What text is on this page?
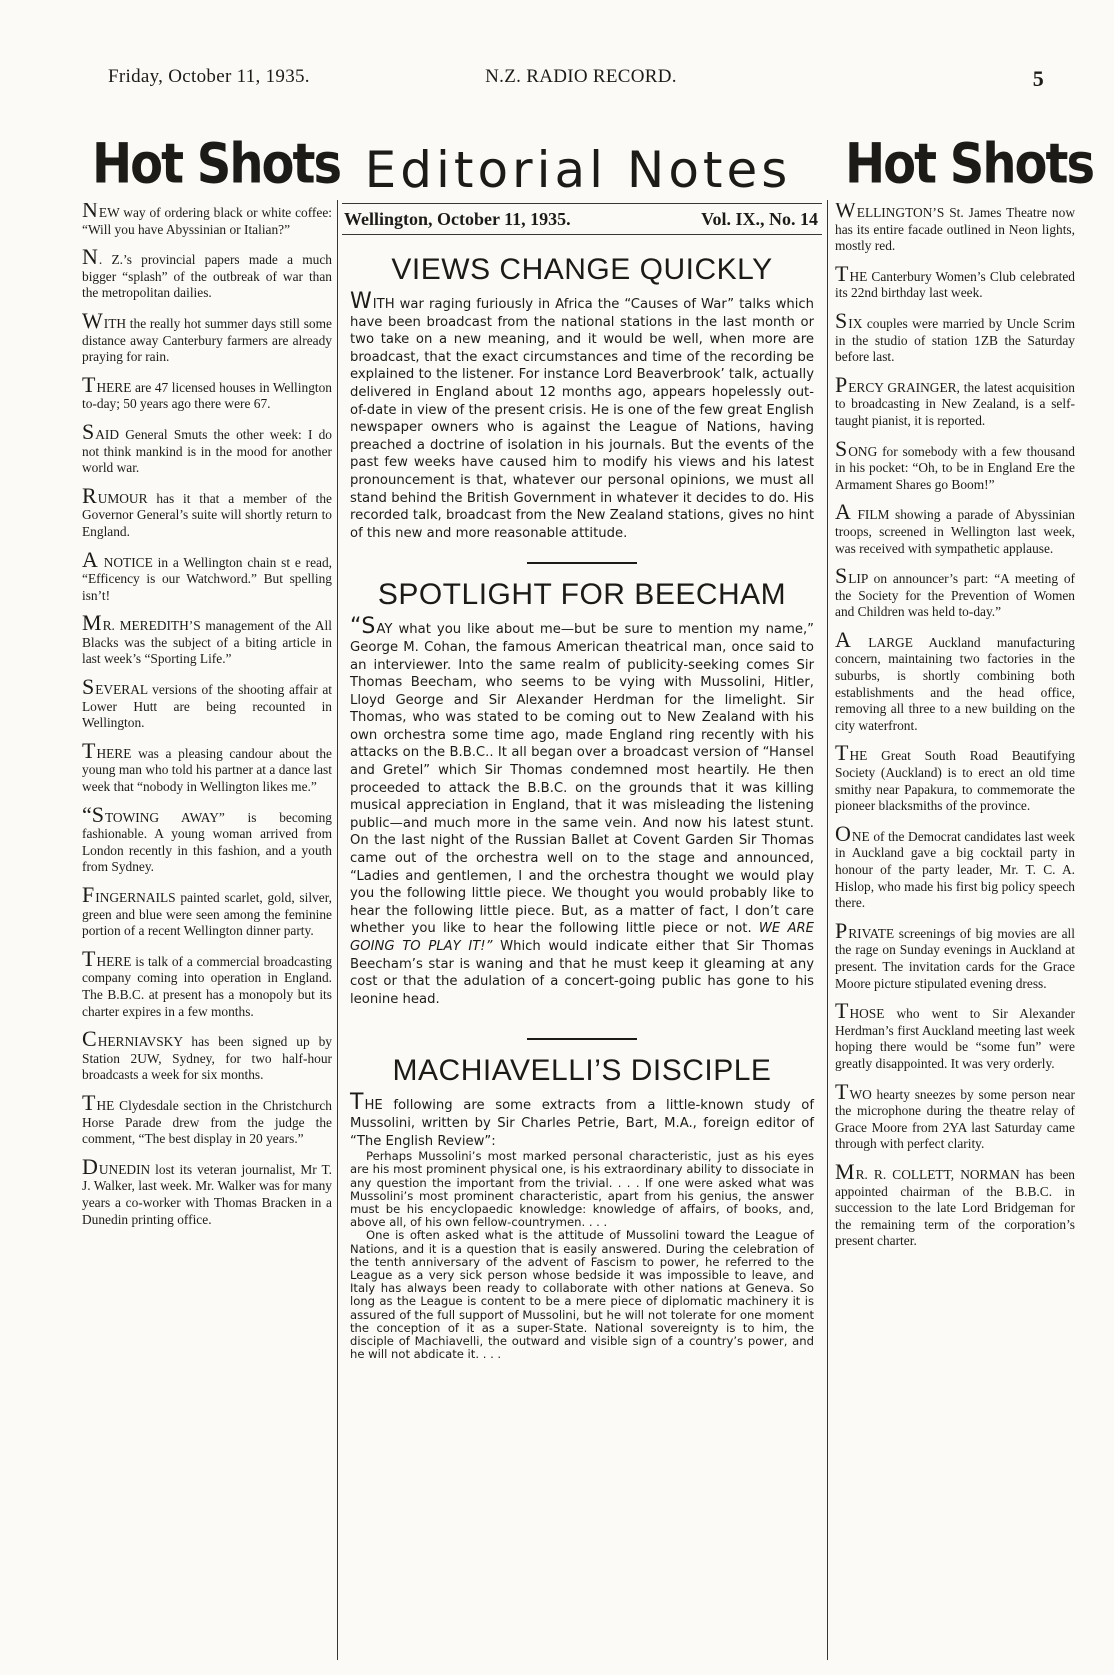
Friday, October 11, 1935.	N.Z. RADIO RECORD.	5
Hot Shots Editorial Notes Hot Shots

NEW way of ordering black or white coffee: “Will you have Abyssinian or Italian?”

N. Z.’s provincial papers made a much bigger “splash” of the outbreak of war than the metropolitan dailies.

WITH the really hot summer days still some distance away Canterbury farmers are already praying for rain.

THERE are 47 licensed houses in Wellington to-day; 50 years ago there were 67.

SAID General Smuts the other week: I do not think mankind is in the mood for another world war.

RUMOUR has it that a member of the Governor General’s suite will shortly return to England.

A NOTICE in a Wellington chain st e read, “Efficency is our Watchword.” But spelling isn’t!

MR. MEREDITH’S management of the All Blacks was the subject of a biting article in last week’s “Sporting Life.”

SEVERAL versions of the shooting affair at Lower Hutt are being recounted in Wellington.

THERE was a pleasing candour about the young man who told his partner at a dance last week that “nobody in Wellington likes me.”

“STOWING AWAY” is becoming fashionable. A young woman arrived from London recently in this fashion, and a youth from Sydney.

FINGERNAILS painted scarlet, gold, silver, green and blue were seen among the feminine portion of a recent Wellington dinner party.

THERE is talk of a commercial broadcasting company coming into operation in England. The B.B.C. at present has a monopoly but its charter expires in a few months.

CHERNIAVSKY has been signed up by Station 2UW, Sydney, for two half-hour broadcasts a week for six months.

THE Clydesdale section in the Christchurch Horse Parade drew from the judge the comment, “The best display in 20 years.”

DUNEDIN lost its veteran journalist, Mr T. J. Walker, last week. Mr. Walker was for many years a co-worker with Thomas Bracken in a Dunedin printing office.

Wellington, October 11, 1935.	Vol. IX., No. 14
VIEWS CHANGE QUICKLY
WITH war raging furiously in Africa the “Causes of War” talks which have been broadcast from the national stations in the last month or two take on a new meaning, and it would be well, when more are broadcast, that the exact circumstances and time of the recording be explained to the listener. For instance Lord Beaverbrook’ talk, actually delivered in England about 12 months ago, appears hopelessly out-of-date in view of the present crisis. He is one of the few great English newspaper owners who is against the League of Nations, having preached a doctrine of isolation in his journals. But the events of the past few weeks have caused him to modify his views and his latest pronouncement is that, whatever our personal opinions, we must all stand behind the British Government in whatever it decides to do. His recorded talk, broadcast from the New Zealand stations, gives no hint of this new and more reasonable attitude.
SPOTLIGHT FOR BEECHAM
“SAY what you like about me—but be sure to mention my name,” George M. Cohan, the famous American theatrical man, once said to an interviewer. Into the same realm of publicity-seeking comes Sir Thomas Beecham, who seems to be vying with Mussolini, Hitler, Lloyd George and Sir Alexander Herdman for the limelight. Sir Thomas, who was stated to be coming out to New Zealand with his own orchestra some time ago, made England ring recently with his attacks on the B.B.C.. It all began over a broadcast version of “Hansel and Gretel” which Sir Thomas condemned most heartily. He then proceeded to attack the B.B.C. on the grounds that it was killing musical appreciation in England, that it was misleading the listening public—and much more in the same vein. And now his latest stunt. On the last night of the Russian Ballet at Covent Garden Sir Thomas came out of the orchestra well on to the stage and announced, “Ladies and gentlemen, I and the orchestra thought we would play you the following little piece. We thought you would probably like to hear the following little piece. But, as a matter of fact, I don’t care whether you like to hear the following little piece or not. WE ARE GOING TO PLAY IT!” Which would indicate either that Sir Thomas Beecham’s star is waning and that he must keep it gleaming at any cost or that the adulation of a concert-going public has gone to his leonine head.
MACHIAVELLI’S DISCIPLE
THE following are some extracts from a little-known study of Mussolini, written by Sir Charles Petrie, Bart, M.A., foreign editor of “The English Review”:
Perhaps Mussolini’s most marked personal characteristic, just as his eyes are his most prominent physical one, is his extraordinary ability to dissociate in any question the important from the trivial. . . . If one were asked what was Mussolini’s most prominent characteristic, apart from his genius, the answer must be his encyclopaedic knowledge: knowledge of affairs, of books, and, above all, of his own fellow-countrymen. . . .
One is often asked what is the attitude of Mussolini toward the League of Nations, and it is a question that is easily answered. During the celebration of the tenth anniversary of the advent of Fascism to power, he referred to the League as a very sick person whose bedside it was impossible to leave, and Italy has always been ready to collaborate with other nations at Geneva. So long as the League is content to be a mere piece of diplomatic machinery it is assured of the full support of Mussolini, but he will not tolerate for one moment the conception of it as a super-State. National sovereignty is to him, the disciple of Machiavelli, the outward and visible sign of a country’s power, and he will not abdicate it. . . .

WELLINGTON’S St. James Theatre now has its entire facade outlined in Neon lights, mostly red.

THE Canterbury Women’s Club celebrated its 22nd birthday last week.

SIX couples were married by Uncle Scrim in the studio of station 1ZB the Saturday before last.

PERCY GRAINGER, the latest acquisition to broadcasting in New Zealand, is a self-taught pianist, it is reported.

SONG for somebody with a few thousand in his pocket: “Oh, to be in England Ere the Armament Shares go Boom!”

A FILM showing a parade of Abyssinian troops, screened in Wellington last week, was received with sympathetic applause.

SLIP on announcer’s part: “A meeting of the Society for the Prevention of Women and Children was held to-day.”

A LARGE Auckland manufacturing concern, maintaining two factories in the suburbs, is shortly combining both establishments and the head office, removing all three to a new building on the city waterfront.

THE Great South Road Beautifying Society (Auckland) is to erect an old time smithy near Papakura, to commemorate the pioneer blacksmiths of the province.

ONE of the Democrat candidates last week in Auckland gave a big cocktail party in honour of the party leader, Mr. T. C. A. Hislop, who made his first big policy speech there.

PRIVATE screenings of big movies are all the rage on Sunday evenings in Auckland at present. The invitation cards for the Grace Moore picture stipulated evening dress.

THOSE who went to Sir Alexander Herdman’s first Auckland meeting last week hoping there would be “some fun” were greatly disappointed. It was very orderly.

TWO hearty sneezes by some person near the microphone during the theatre relay of Grace Moore from 2YA last Saturday came through with perfect clarity.

MR. R. COLLETT, NORMAN has been appointed chairman of the B.B.C. in succession to the late Lord Bridgeman for the remaining term of the corporation’s present charter.
